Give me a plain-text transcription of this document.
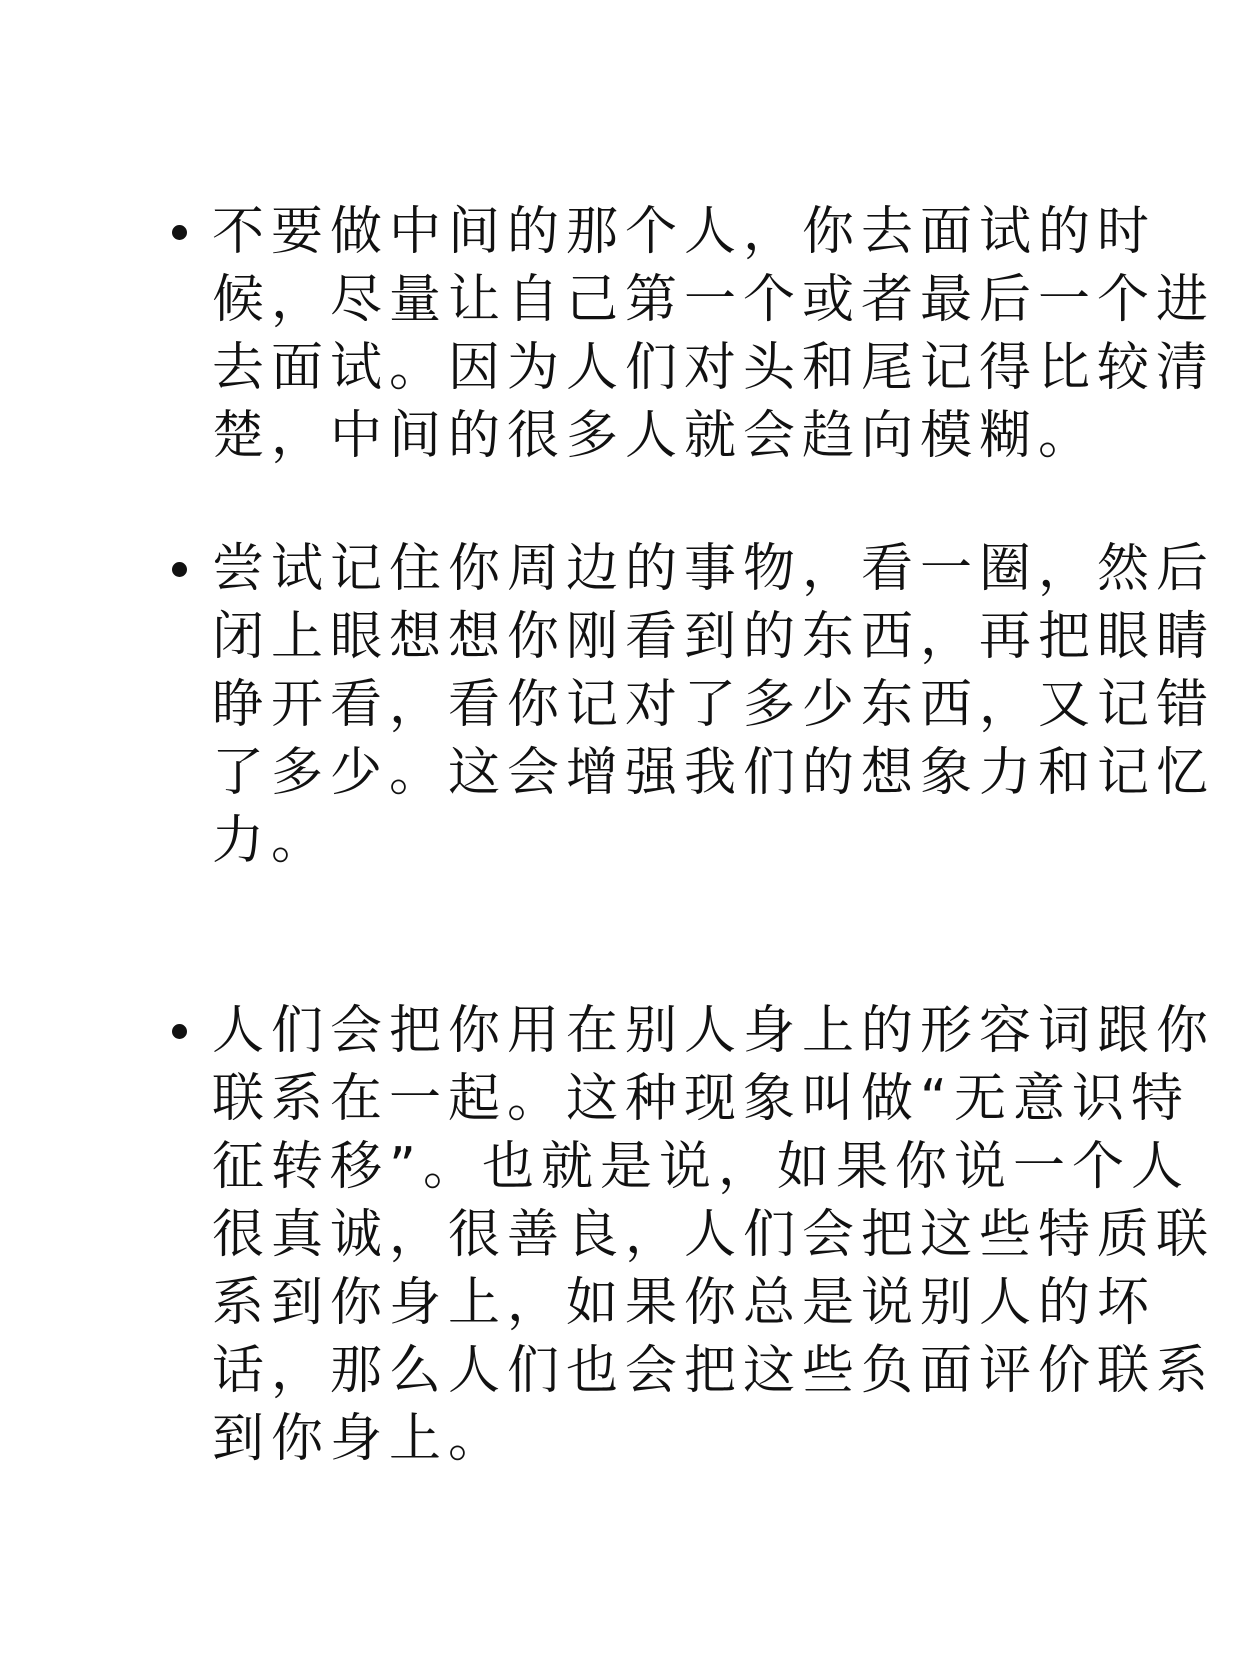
不要做中间的那个人，你去面试的时
候，尽量让自己第一个或者最后一个进
去面试。因为人们对头和尾记得比较清
楚，中间的很多人就会趋向模糊。
尝试记住你周边的事物，看一圈，然后
闭上眼想想你刚看到的东西，再把眼睛
睁开看，看你记对了多少东西，又记错
了多少。这会增强我们的想象力和记忆
力。
人们会把你用在别人身上的形容词跟你
联系在一起。这种现象叫做“无意识特
征转移”。也就是说，如果你说一个人
很真诚，很善良，人们会把这些特质联
系到你身上，如果你总是说别人的坏
话，那么人们也会把这些负面评价联系
到你身上。
